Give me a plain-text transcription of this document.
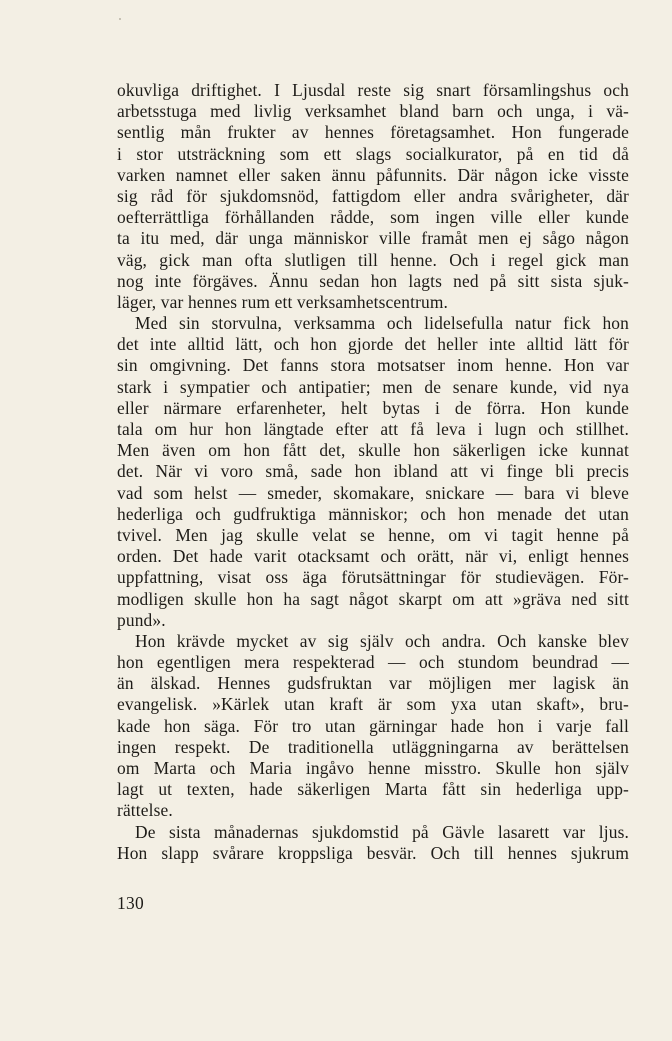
okuvliga driftighet. I Ljusdal reste sig snart församlingshus och
arbetsstuga med livlig verksamhet bland barn och unga, i vä-
sentlig mån frukter av hennes företagsamhet. Hon fungerade
i stor utsträckning som ett slags socialkurator, på en tid då
varken namnet eller saken ännu påfunnits. Där någon icke visste
sig råd för sjukdomsnöd, fattigdom eller andra svårigheter, där
oefterrättliga förhållanden rådde, som ingen ville eller kunde
ta itu med, där unga människor ville framåt men ej sågo någon
väg, gick man ofta slutligen till henne. Och i regel gick man
nog inte förgäves. Ännu sedan hon lagts ned på sitt sista sjuk-
läger, var hennes rum ett verksamhetscentrum.
Med sin storvulna, verksamma och lidelsefulla natur fick hon
det inte alltid lätt, och hon gjorde det heller inte alltid lätt för
sin omgivning. Det fanns stora motsatser inom henne. Hon var
stark i sympatier och antipatier; men de senare kunde, vid nya
eller närmare erfarenheter, helt bytas i de förra. Hon kunde
tala om hur hon längtade efter att få leva i lugn och stillhet.
Men även om hon fått det, skulle hon säkerligen icke kunnat
det. När vi voro små, sade hon ibland att vi finge bli precis
vad som helst — smeder, skomakare, snickare — bara vi bleve
hederliga och gudfruktiga människor; och hon menade det utan
tvivel. Men jag skulle velat se henne, om vi tagit henne på
orden. Det hade varit otacksamt och orätt, när vi, enligt hennes
uppfattning, visat oss äga förutsättningar för studievägen. För-
modligen skulle hon ha sagt något skarpt om att »gräva ned sitt
pund».
Hon krävde mycket av sig själv och andra. Och kanske blev
hon egentligen mera respekterad — och stundom beundrad —
än älskad. Hennes gudsfruktan var möjligen mer lagisk än
evangelisk. »Kärlek utan kraft är som yxa utan skaft», bru-
kade hon säga. För tro utan gärningar hade hon i varje fall
ingen respekt. De traditionella utläggningarna av berättelsen
om Marta och Maria ingåvo henne misstro. Skulle hon själv
lagt ut texten, hade säkerligen Marta fått sin hederliga upp-
rättelse.
De sista månadernas sjukdomstid på Gävle lasarett var ljus.
Hon slapp svårare kroppsliga besvär. Och till hennes sjukrum
130
